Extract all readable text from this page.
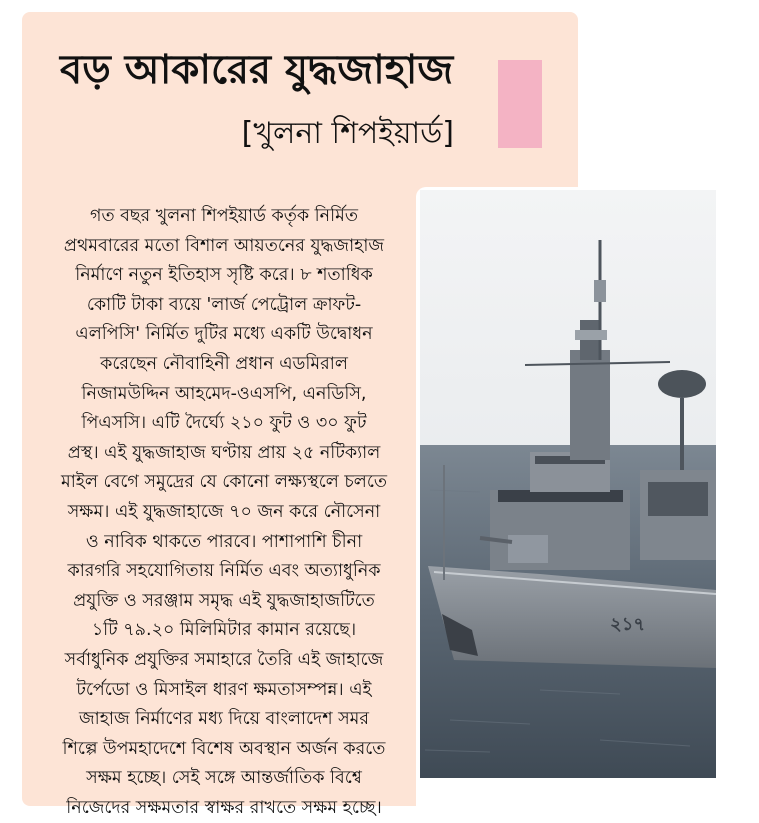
বড় আকারের যুদ্ধজাহাজ
[খুলনা শিপইয়ার্ড]
গত বছর খুলনা শিপইয়ার্ড কর্তৃক নির্মিত
প্রথমবারের মতো বিশাল আয়তনের যুদ্ধজাহাজ
নির্মাণে নতুন ইতিহাস সৃষ্টি করে। ৮ শতাধিক
কোটি টাকা ব্যয়ে 'লার্জ পেট্রোল ক্রাফট-
এলপিসি' নির্মিত দুটির মধ্যে একটি উদ্বোধন
করেছেন নৌবাহিনী প্রধান এডমিরাল
নিজামউদ্দিন আহমেদ-ওএসপি, এনডিসি,
পিএসসি। এটি দৈর্ঘ্যে ২১০ ফুট ও ৩০ ফুট
প্রস্থ। এই যুদ্ধজাহাজ ঘণ্টায় প্রায় ২৫ নটিক্যাল
মাইল বেগে সমুদ্রের যে কোনো লক্ষ্যস্থলে চলতে
সক্ষম। এই যুদ্ধজাহাজে ৭০ জন করে নৌসেনা
ও নাবিক থাকতে পারবে। পাশাপাশি চীনা
কারগরি সহযোগিতায় নির্মিত এবং অত্যাধুনিক
প্রযুক্তি ও সরঞ্জাম সমৃদ্ধ এই যুদ্ধজাহাজটিতে
১টি ৭৯.২০ মিলিমিটার কামান রয়েছে।
সর্বাধুনিক প্রযুক্তির সমাহারে তৈরি এই জাহাজে
টর্পেডো ও মিসাইল ধারণ ক্ষমতাসম্পন্ন। এই
জাহাজ নির্মাণের মধ্য দিয়ে বাংলাদেশ সমর
শিল্পে উপমহাদেশে বিশেষ অবস্থান অর্জন করতে
সক্ষম হচ্ছে। সেই সঙ্গে আন্তর্জাতিক বিশ্বে
নিজেদের সক্ষমতার স্বাক্ষর রাখতে সক্ষম হচ্ছে।
২১৭
